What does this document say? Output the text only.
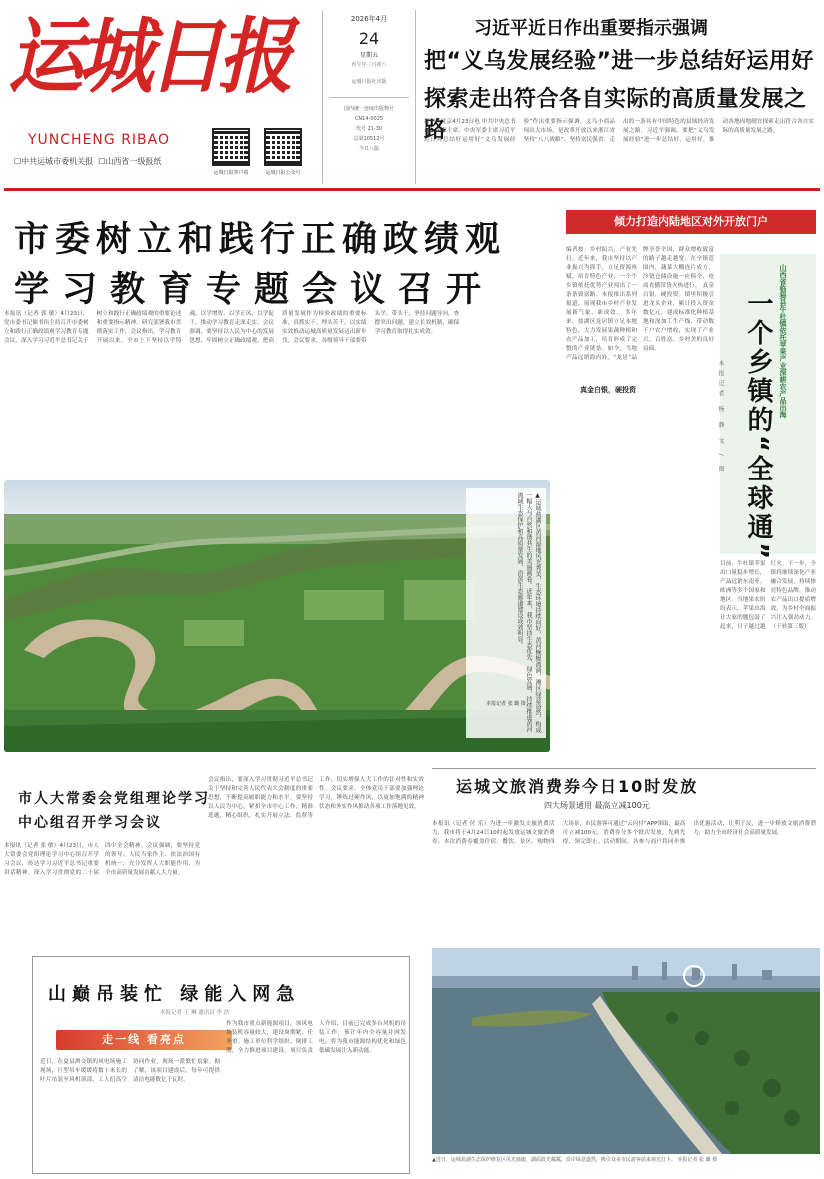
运城日报
YUNCHENG RIBAO
☐中共运城市委机关报 ☐山西省一级报纸
运城日报客户端	运城日报公众号
2026年4月
24
星期五
丙午年三月初八
运城日报社出版
国内统一连续出版物号
CN14-0025
代号 21-30
总第10512号
今日八版
习近平近日作出重要指示强调
把“义乌发展经验”进一步总结好运用好
探索走出符合各自实际的高质量发展之路
新华社北京4月23日电 中共中央总书记、国家主席、中央军委主席习近平近日对总结好运用好“义乌发展经验”作出重要指示强调，义乌小商品闯出大市场，是改革开放以来浙江省坚持“八八战略”、坚持富民强省、走出的一条具有中国特色的县域经济发展之路。习近平强调，要把“义乌发展经验”进一步总结好、运用好，推动各地因地制宜探索走出符合各自实际的高质量发展之路。
市委树立和践行正确政绩观
学习教育专题会议召开
本报讯（记者 郭 敏）4月23日，党市委书记储书伟主持召开市委树立和践行正确政绩观学习教育专题会议，深入学习习近平总书记关于树立和践行正确政绩观的重要论述和重要指示精神，研究部署我市贯彻落实工作。会议指出，学习教育开展以来，全市上下坚持以学铸魂、以学增智、以学正风、以学促干，推动学习教育走深走实。会议强调，要坚持以人民为中心的发展思想，牢固树立正确政绩观，把高质量发展作为检验政绩的重要标准，真抓实干、埋头苦干，以实绩实效推动运城高质量发展迈出新步伐。会议要求，各级领导干部要带头学、带头干，坚持问题导向，查摆突出问题，建立长效机制，确保学习教育取得扎实成效。
▲运城盐湖区黄河湿地风光秀美，生态环境持续向好，黄河蜿蜒流淌，滩区绿意盎然，构成一幅人与自然和谐共生的美丽画卷。近年来，我市坚持生态优先、绿色发展，持续推进黄河流域生态保护和高质量发展，沿黄生态廊道建设成效明显。
本报记者 张 璐 摄
倾力打造内陆地区对外开放门户
编者按：乡村振兴，产业先行。近年来，我市坚持以产业振兴为抓手，立足资源禀赋，培育特色产业，一个个乡镇依托优势产业闯出了一条条致富路。本报推出系列报道，展现我市乡村产业发展新气象、新成效。 多年来，盐湖区龙居镇立足本地特色，大力发展果蔬种植和农产品加工，培育形成了完整的产业链条。如今，当地产品远销海内外，“龙居”品牌享誉全国，群众增收致富的路子越走越宽。在全镇范围内，蔬菜大棚连片成方，冷链仓储设施一应俱全，电商直播带货火热进行。 真金白银，硬投资。镇里积极引进龙头企业，累计投入资金数亿元，建成标准化种植基地和深加工生产线，带动数千户农户增收，实现了产业兴、百姓富、乡村美的良好局面。
真金白银，硬投资	山西省临猗县牛杜镇依托苹果产业深耕农产品出海
一个乡镇的“全球通”
本报记者 杨 静 文 / 图
目前，牛杜镇苹果出口量稳步增长，产品远销东南亚、欧洲等多个国家和地区。当地果农纷纷表示，苹果出海让大家的腰包鼓了起来，日子越过越红火。下一步，全镇将继续深化产业融合发展，持续擦亮特色品牌，推动农产品出口提质增效，为乡村全面振兴注入强劲动力。（下转第三版）
市人大常委会党组理论学习
中心组召开学习会议
本报讯（记者 张 敏）4月23日，市人大常委会党组理论学习中心组召开学习会议，传达学习习近平总书记重要讲话精神，深入学习贯彻党的二十届四中全会精神。会议强调，要坚持党的领导、人民当家作主、依法治国有机统一，充分发挥人大职能作用，为全市高质量发展贡献人大力量。
会议指出，要深入学习贯彻习近平总书记关于坚持和完善人民代表大会制度的重要思想，不断提高履职能力和水平。要坚持以人民为中心，紧扣全市中心工作，精准选题、精心组织，扎实开展立法、监督等工作，切实增强人大工作的针对性和实效性。会议要求，全体党员干部要加强理论学习，锤炼过硬作风，以更加饱满的精神状态和务实作风推动各项工作落地见效。
运城文旅消费券今日10时发放
四大场景通用 最高立减100元
本报讯（记者 付 乐）为进一步激发文旅消费活力，我市将于4月24日10时起发放运城文旅消费券。本次消费券覆盖住宿、餐饮、景区、购物四大场景，市民游客可通过“云闪付”APP领取，最高可立减100元。消费券分多个批次发放，先到先得，领完即止。活动期间，各参与商户将同步推出优惠活动，让利于民，进一步释放文旅消费潜力，助力全市经济社会高质量发展。
山巅吊装忙 绿能入网急
本报记者 王 琳 通讯员 李 浩
走一线 看亮点
近日，在夏县泗交镇的风电场施工现场，巨型吊车缓缓将数十米长的叶片吊装至风机顶部，工人们高空协同作业，现场一派繁忙景象。据了解，该项目建成后，每年可提供清洁电能数亿千瓦时。
作为我市重点新能源项目，该风电场装机容量较大，建设周期紧、任务重。施工单位科学组织、倒排工期，全力推进项目建设。项目负责人介绍，目前已完成多台风机的吊装工作，预计年内全容量并网发电，将为我市能源结构优化和绿色低碳发展注入新动能。
▲近日，运城盐湖生态保护修复区风光旖旎，湖面波光粼粼，沿岸绿意盎然，吸引众多市民游客前来观光打卡。 本报记者 张 璐 摄
